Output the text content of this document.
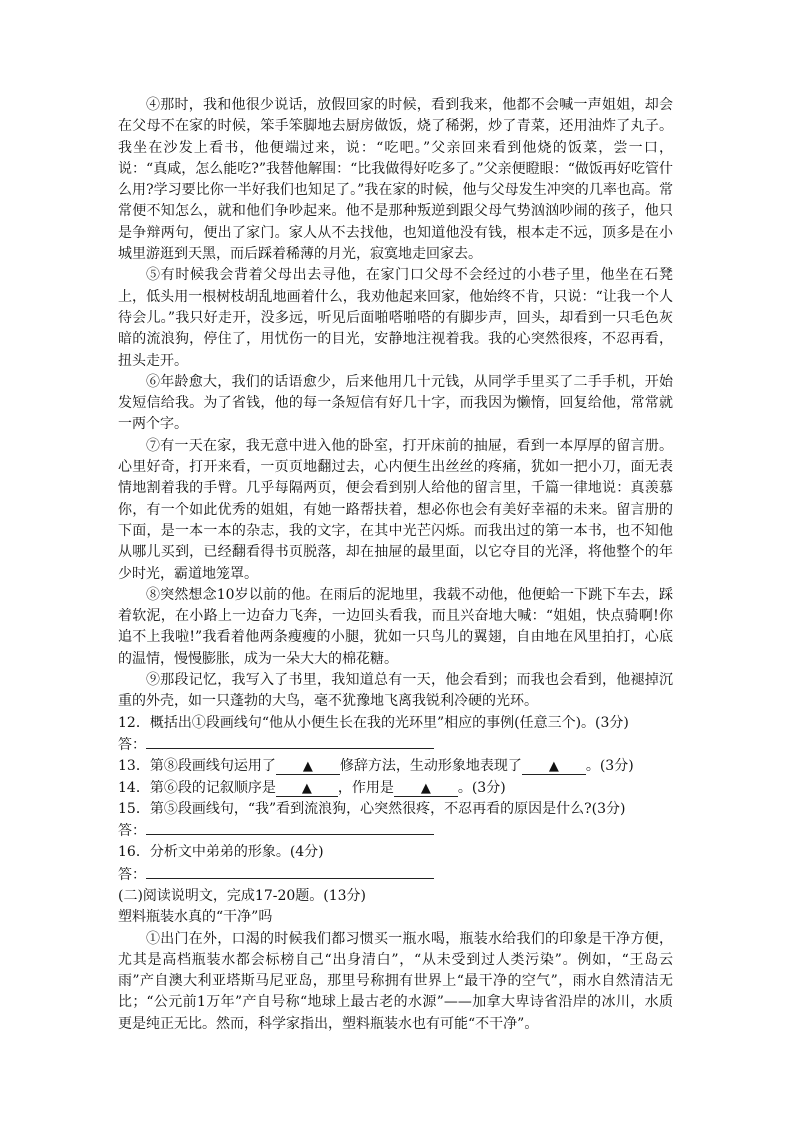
④那时，我和他很少说话，放假回家的时候，看到我来，他都不会喊一声姐姐，却会在父母不在家的时候，笨手笨脚地去厨房做饭，烧了稀粥，炒了青菜，还用油炸了丸子。我坐在沙发上看书，他便端过来，说：“吃吧。”父亲回来看到他烧的饭菜，尝一口，说：“真咸，怎么能吃?”我替他解围：“比我做得好吃多了。”父亲便瞪眼：“做饭再好吃管什么用?学习要比你一半好我们也知足了。”我在家的时候，他与父母发生冲突的几率也高。常常便不知怎么，就和他们争吵起来。他不是那种叛逆到跟父母气势汹汹吵闹的孩子，他只是争辩两句，便出了家门。家人从不去找他，也知道他没有钱，根本走不远，顶多是在小城里游逛到天黑，而后踩着稀薄的月光，寂寞地走回家去。

⑤有时候我会背着父母出去寻他，在家门口父母不会经过的小巷子里，他坐在石凳上，低头用一根树枝胡乱地画着什么，我劝他起来回家，他始终不肯，只说：“让我一个人待会儿。”我只好走开，没多远，听见后面啪嗒啪嗒的有脚步声，回头，却看到一只毛色灰暗的流浪狗，停住了，用忧伤一的目光，安静地注视着我。我的心突然很疼，不忍再看，扭头走开。

⑥年龄愈大，我们的话语愈少，后来他用几十元钱，从同学手里买了二手手机，开始发短信给我。为了省钱，他的每一条短信有好几十字，而我因为懒惰，回复给他，常常就一两个字。

⑦有一天在家，我无意中进入他的卧室，打开床前的抽屉，看到一本厚厚的留言册。心里好奇，打开来看，一页页地翻过去，心内便生出丝丝的疼痛，犹如一把小刀，面无表情地割着我的手臂。几乎每隔两页，便会看到别人给他的留言里，千篇一律地说：真羡慕你，有一个如此优秀的姐姐，有她一路帮扶着，想必你也会有美好幸福的未来。留言册的下面，是一本一本的杂志，我的文字，在其中光芒闪烁。而我出过的第一本书，也不知他从哪儿买到，已经翻看得书页脱落，却在抽屉的最里面，以它夺目的光泽，将他整个的年少时光，霸道地笼罩。

⑧突然想念10岁以前的他。在雨后的泥地里，我载不动他，他便蛤一下跳下车去，踩着软泥，在小路上一边奋力飞奔，一边回头看我，而且兴奋地大喊：“姐姐，快点骑啊!你追不上我啦!”我看着他两条瘦瘦的小腿，犹如一只鸟儿的翼翅，自由地在风里拍打，心底的温情，慢慢膨胀，成为一朵大大的棉花糖。

⑨那段记忆，我写入了书里，我知道总有一天，他会看到；而我也会看到，他褪掉沉重的外壳，如一只蓬勃的大鸟，毫不犹豫地飞离我锐利冷硬的光环。

12．概括出①段画线句“他从小便生长在我的光环里”相应的事例(任意三个)。(3分)

答：

13．第⑧段画线句运用了 ▲ 修辞方法，生动形象地表现了 ▲ 。(3分)

14．第⑥段的记叙顺序是 ▲ ，作用是 ▲ 。(3分)

15．第⑤段画线句，“我”看到流浪狗，心突然很疼，不忍再看的原因是什么?(3分)

答：

16．分析文中弟弟的形象。(4分)

答：

(二)阅读说明文，完成17-20题。(13分)

塑料瓶装水真的“干净”吗

①出门在外，口渴的时候我们都习惯买一瓶水喝，瓶装水给我们的印象是干净方便，尤其是高档瓶装水都会标榜自己“出身清白”，“从未受到过人类污染”。例如，“王岛云雨”产自澳大利亚塔斯马尼亚岛，那里号称拥有世界上“最干净的空气”，雨水自然清洁无比；“公元前1万年”产自号称“地球上最古老的水源”——加拿大卑诗省沿岸的冰川，水质更是纯正无比。然而，科学家指出，塑料瓶装水也有可能“不干净”。
